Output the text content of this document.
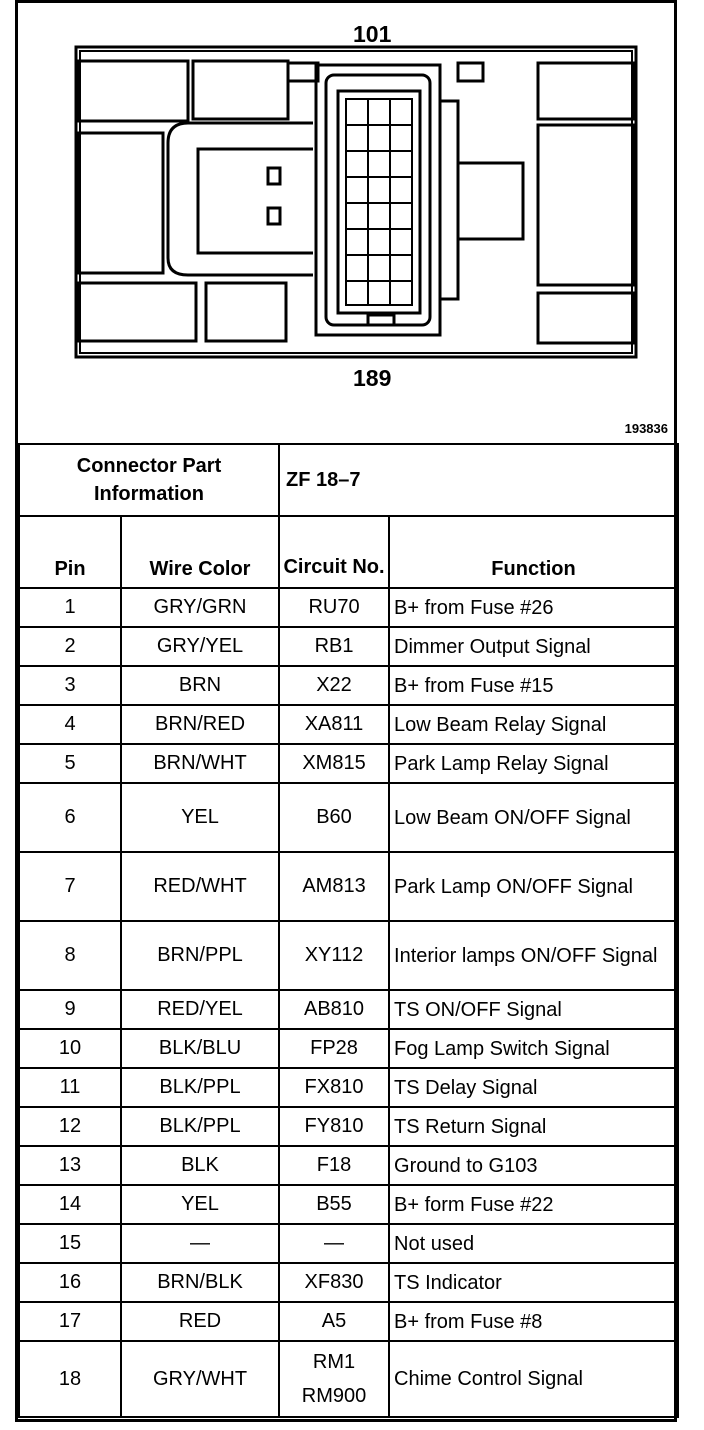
101
189
193836
Connector Part Information		ZF 18–7	
Pin	Wire Color	Circuit No.	Function
1	GRY/GRN	RU70	B+ from Fuse #26
2	GRY/YEL	RB1	Dimmer Output Signal
3	BRN	X22	B+ from Fuse #15
4	BRN/RED	XA811	Low Beam Relay Signal
5	BRN/WHT	XM815	Park Lamp Relay Signal
6	YEL	B60	Low Beam ON/OFF Signal
7	RED/WHT	AM813	Park Lamp ON/OFF Signal
8	BRN/PPL	XY112	Interior lamps ON/OFF Signal
9	RED/YEL	AB810	TS ON/OFF Signal
10	BLK/BLU	FP28	Fog Lamp Switch Signal
11	BLK/PPL	FX810	TS Delay Signal
12	BLK/PPL	FY810	TS Return Signal
13	BLK	F18	Ground to G103
14	YEL	B55	B+ form Fuse #22
15	—	—	Not used
16	BRN/BLK	XF830	TS Indicator
17	RED	A5	B+ from Fuse #8
18	GRY/WHT	RM1 RM900	Chime Control Signal
